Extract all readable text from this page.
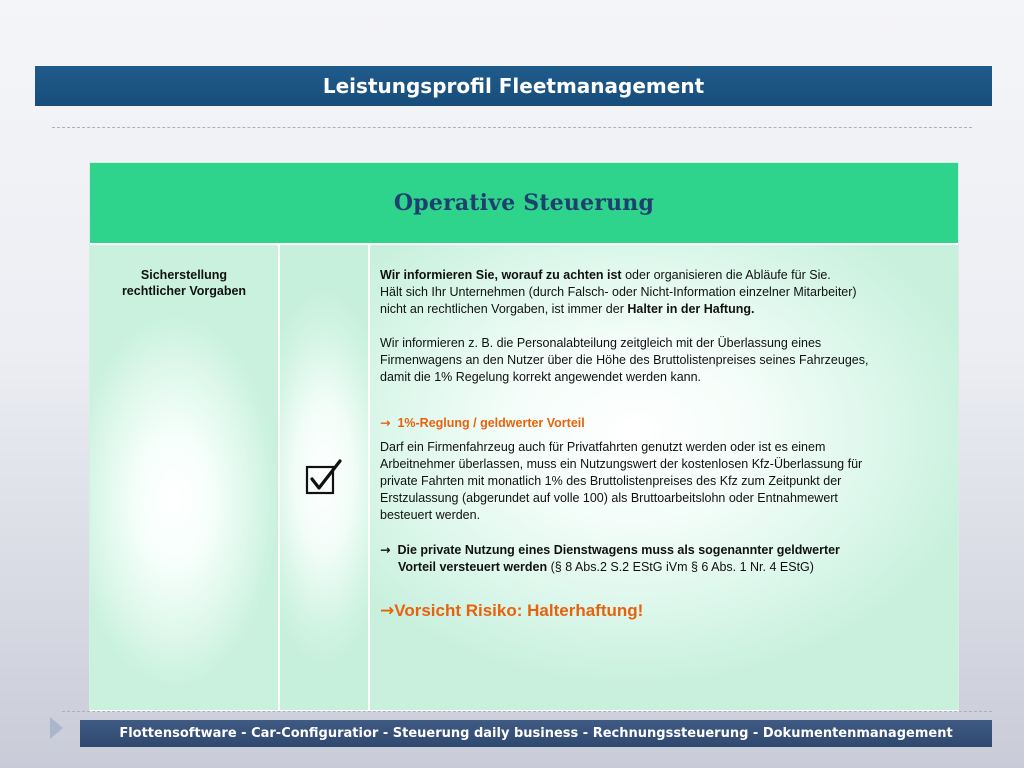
Leistungsprofil Fleetmanagement
Operative Steuerung
Sicherstellung
rechtlicher Vorgaben

Wir informieren Sie, worauf zu achten ist oder organisieren die Abläufe für Sie.
Hält sich Ihr Unternehmen (durch Falsch- oder Nicht-Information einzelner Mitarbeiter)
nicht an rechtlichen Vorgaben, ist immer der Halter in der Haftung.

Wir informieren z. B. die Personalabteilung zeitgleich mit der Überlassung eines
Firmenwagens an den Nutzer über die Höhe des Bruttolistenpreises seines Fahrzeuges,
damit die 1% Regelung korrekt angewendet werden kann.

→ 1%-Reglung / geldwerter Vorteil

Darf ein Firmenfahrzeug auch für Privatfahrten genutzt werden oder ist es einem
Arbeitnehmer überlassen, muss ein Nutzungswert der kostenlosen Kfz-Überlassung für
private Fahrten mit monatlich 1% des Bruttolistenpreises des Kfz zum Zeitpunkt der
Erstzulassung (abgerundet auf volle 100) als Bruttoarbeitslohn oder Entnahmewert
besteuert werden.

→ Die private Nutzung eines Dienstwagens muss als sogenannter geldwerter
Vorteil versteuert werden (§ 8 Abs.2 S.2 EStG iVm § 6 Abs. 1 Nr. 4 EStG)

→Vorsicht Risiko: Halterhaftung!

Flottensoftware - Car-Configuratior - Steuerung daily business - Rechnungssteuerung - Dokumentenmanagement
